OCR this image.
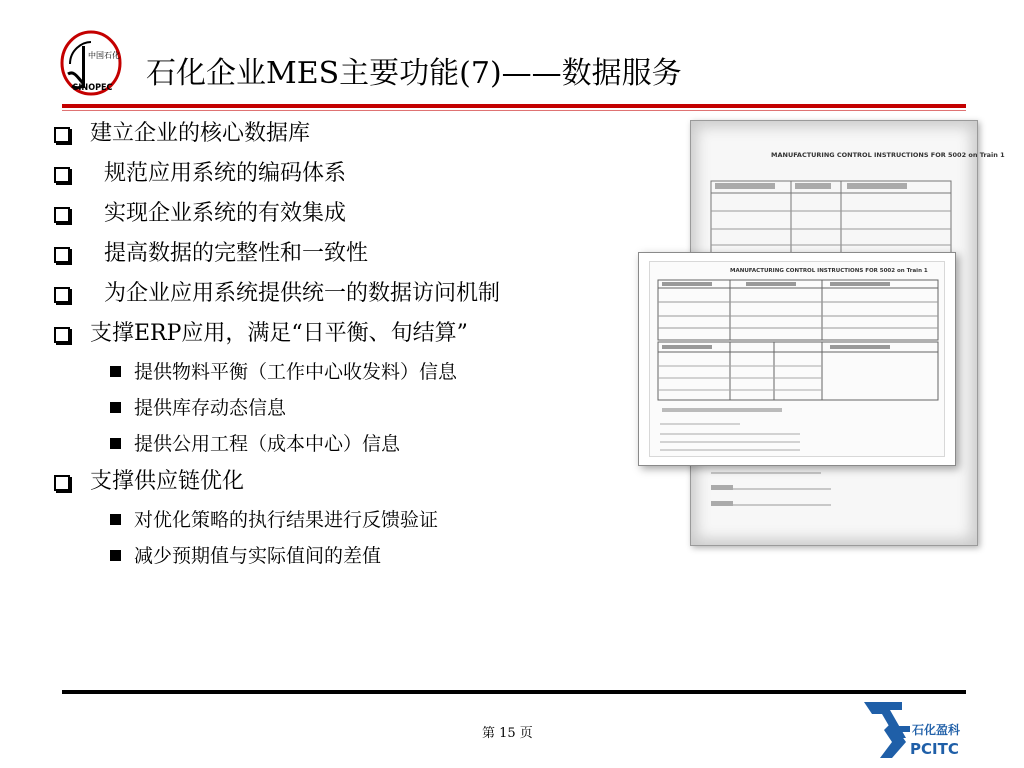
中国石化
SINOPEC 石化企业MES主要功能(7)——数据服务
建立企业的核心数据库
规范应用系统的编码体系
实现企业系统的有效集成
提高数据的完整性和一致性
为企业应用系统提供统一的数据访问机制
支撑ERP应用，满足“日平衡、旬结算”
提供物料平衡（工作中心收发料）信息
提供库存动态信息
提供公用工程（成本中心）信息
支撑供应链优化
对优化策略的执行结果进行反馈验证
减少预期值与实际值间的差值
MANUFACTURING CONTROL INSTRUCTIONS FOR 5002 on Train 1
MANUFACTURING CONTROL INSTRUCTIONS FOR 5002 on Train 1
第 15 页	石化盈科
PCITC
